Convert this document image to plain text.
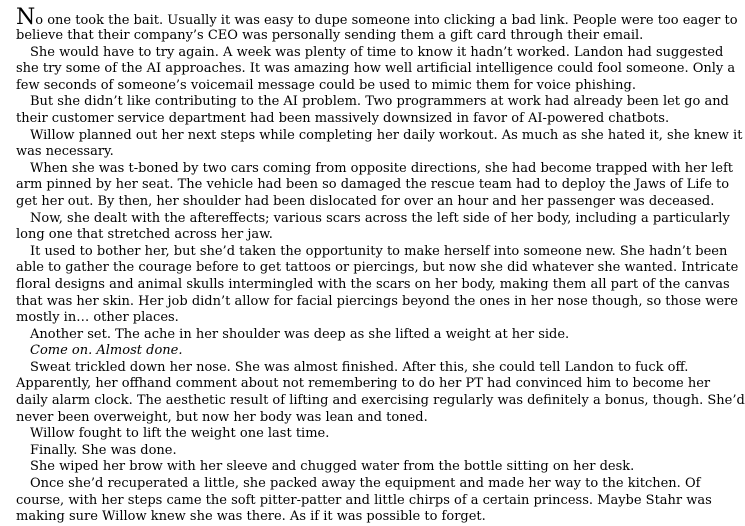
No one took the bait. Usually it was easy to dupe someone into clicking a bad link. People were too eager to
believe that their company’s CEO was personally sending them a gift card through their email.
She would have to try again. A week was plenty of time to know it hadn’t worked. Landon had suggested
she try some of the AI approaches. It was amazing how well artificial intelligence could fool someone. Only a
few seconds of someone’s voicemail message could be used to mimic them for voice phishing.
But she didn’t like contributing to the AI problem. Two programmers at work had already been let go and
their customer service department had been massively downsized in favor of AI-powered chatbots.
Willow planned out her next steps while completing her daily workout. As much as she hated it, she knew it
was necessary.
When she was t-boned by two cars coming from opposite directions, she had become trapped with her left
arm pinned by her seat. The vehicle had been so damaged the rescue team had to deploy the Jaws of Life to
get her out. By then, her shoulder had been dislocated for over an hour and her passenger was deceased.
Now, she dealt with the aftereffects; various scars across the left side of her body, including a particularly
long one that stretched across her jaw.
It used to bother her, but she’d taken the opportunity to make herself into someone new. She hadn’t been
able to gather the courage before to get tattoos or piercings, but now she did whatever she wanted. Intricate
floral designs and animal skulls intermingled with the scars on her body, making them all part of the canvas
that was her skin. Her job didn’t allow for facial piercings beyond the ones in her nose though, so those were
mostly in… other places.
Another set. The ache in her shoulder was deep as she lifted a weight at her side.
Come on. Almost done.
Sweat trickled down her nose. She was almost finished. After this, she could tell Landon to fuck off.
Apparently, her offhand comment about not remembering to do her PT had convinced him to become her
daily alarm clock. The aesthetic result of lifting and exercising regularly was definitely a bonus, though. She’d
never been overweight, but now her body was lean and toned.
Willow fought to lift the weight one last time.
Finally. She was done.
She wiped her brow with her sleeve and chugged water from the bottle sitting on her desk.
Once she’d recuperated a little, she packed away the equipment and made her way to the kitchen. Of
course, with her steps came the soft pitter-patter and little chirps of a certain princess. Maybe Stahr was
making sure Willow knew she was there. As if it was possible to forget.
